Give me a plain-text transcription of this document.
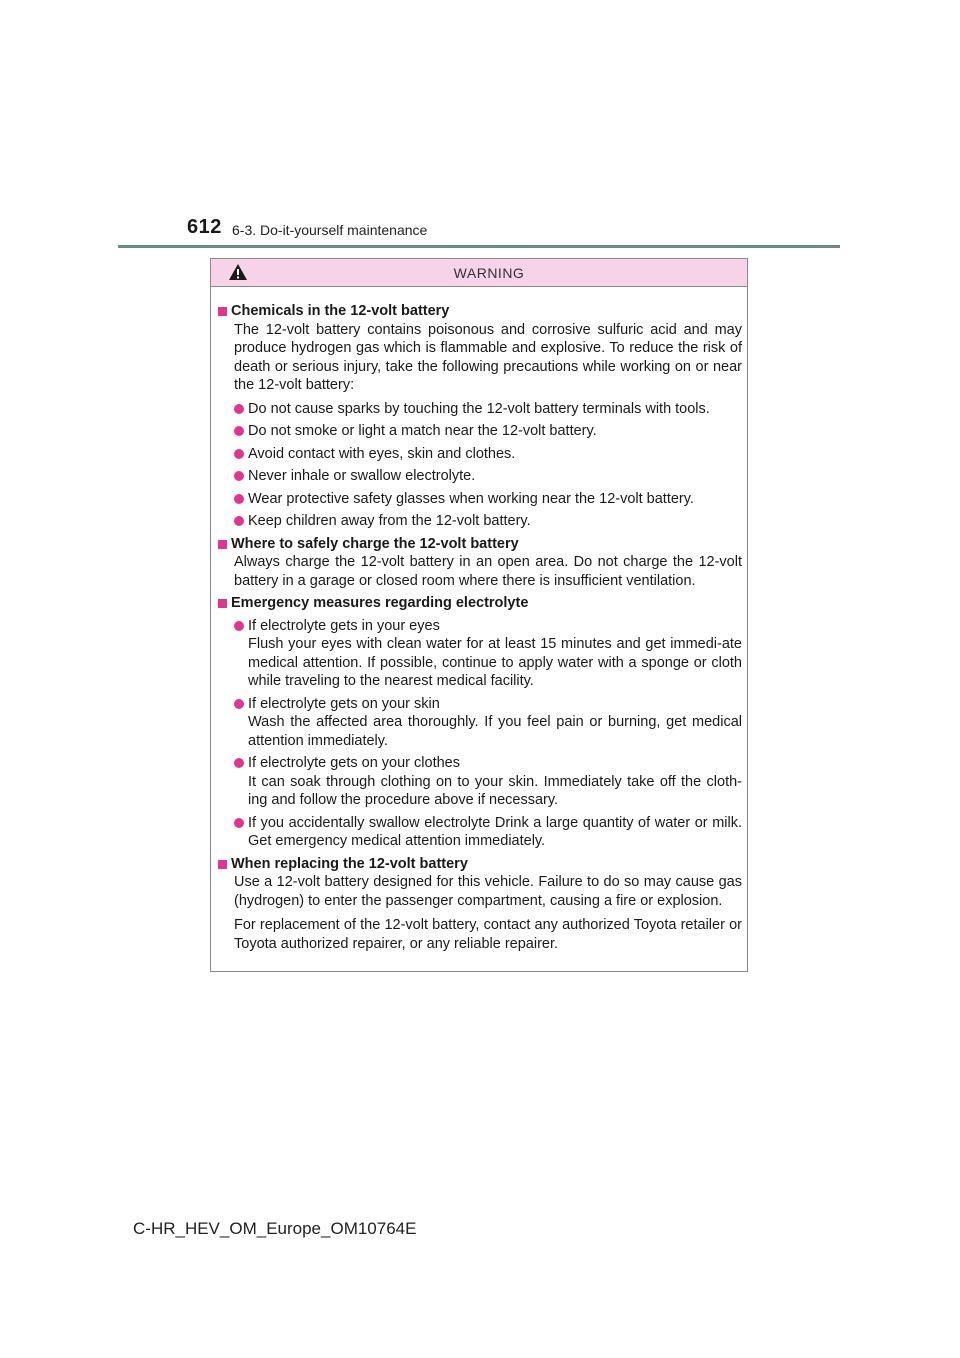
612 6-3. Do-it-yourself maintenance
WARNING
Chemicals in the 12-volt battery
The 12-volt battery contains poisonous and corrosive sulfuric acid and may produce hydrogen gas which is flammable and explosive. To reduce the risk of death or serious injury, take the following precautions while working on or near the 12-volt battery:
Do not cause sparks by touching the 12-volt battery terminals with tools.
Do not smoke or light a match near the 12-volt battery.
Avoid contact with eyes, skin and clothes.
Never inhale or swallow electrolyte.
Wear protective safety glasses when working near the 12-volt battery.
Keep children away from the 12-volt battery.
Where to safely charge the 12-volt battery
Always charge the 12-volt battery in an open area. Do not charge the 12-volt battery in a garage or closed room where there is insufficient ventilation.
Emergency measures regarding electrolyte
If electrolyte gets in your eyes
Flush your eyes with clean water for at least 15 minutes and get immedi-ate medical attention. If possible, continue to apply water with a sponge or cloth while traveling to the nearest medical facility.
If electrolyte gets on your skin
Wash the affected area thoroughly. If you feel pain or burning, get medical attention immediately.
If electrolyte gets on your clothes
It can soak through clothing on to your skin. Immediately take off the cloth-ing and follow the procedure above if necessary.
If you accidentally swallow electrolyte Drink a large quantity of water or milk. Get emergency medical attention immediately.
When replacing the 12-volt battery
Use a 12-volt battery designed for this vehicle. Failure to do so may cause gas (hydrogen) to enter the passenger compartment, causing a fire or explosion.
For replacement of the 12-volt battery, contact any authorized Toyota retailer or Toyota authorized repairer, or any reliable repairer.
C-HR_HEV_OM_Europe_OM10764E
